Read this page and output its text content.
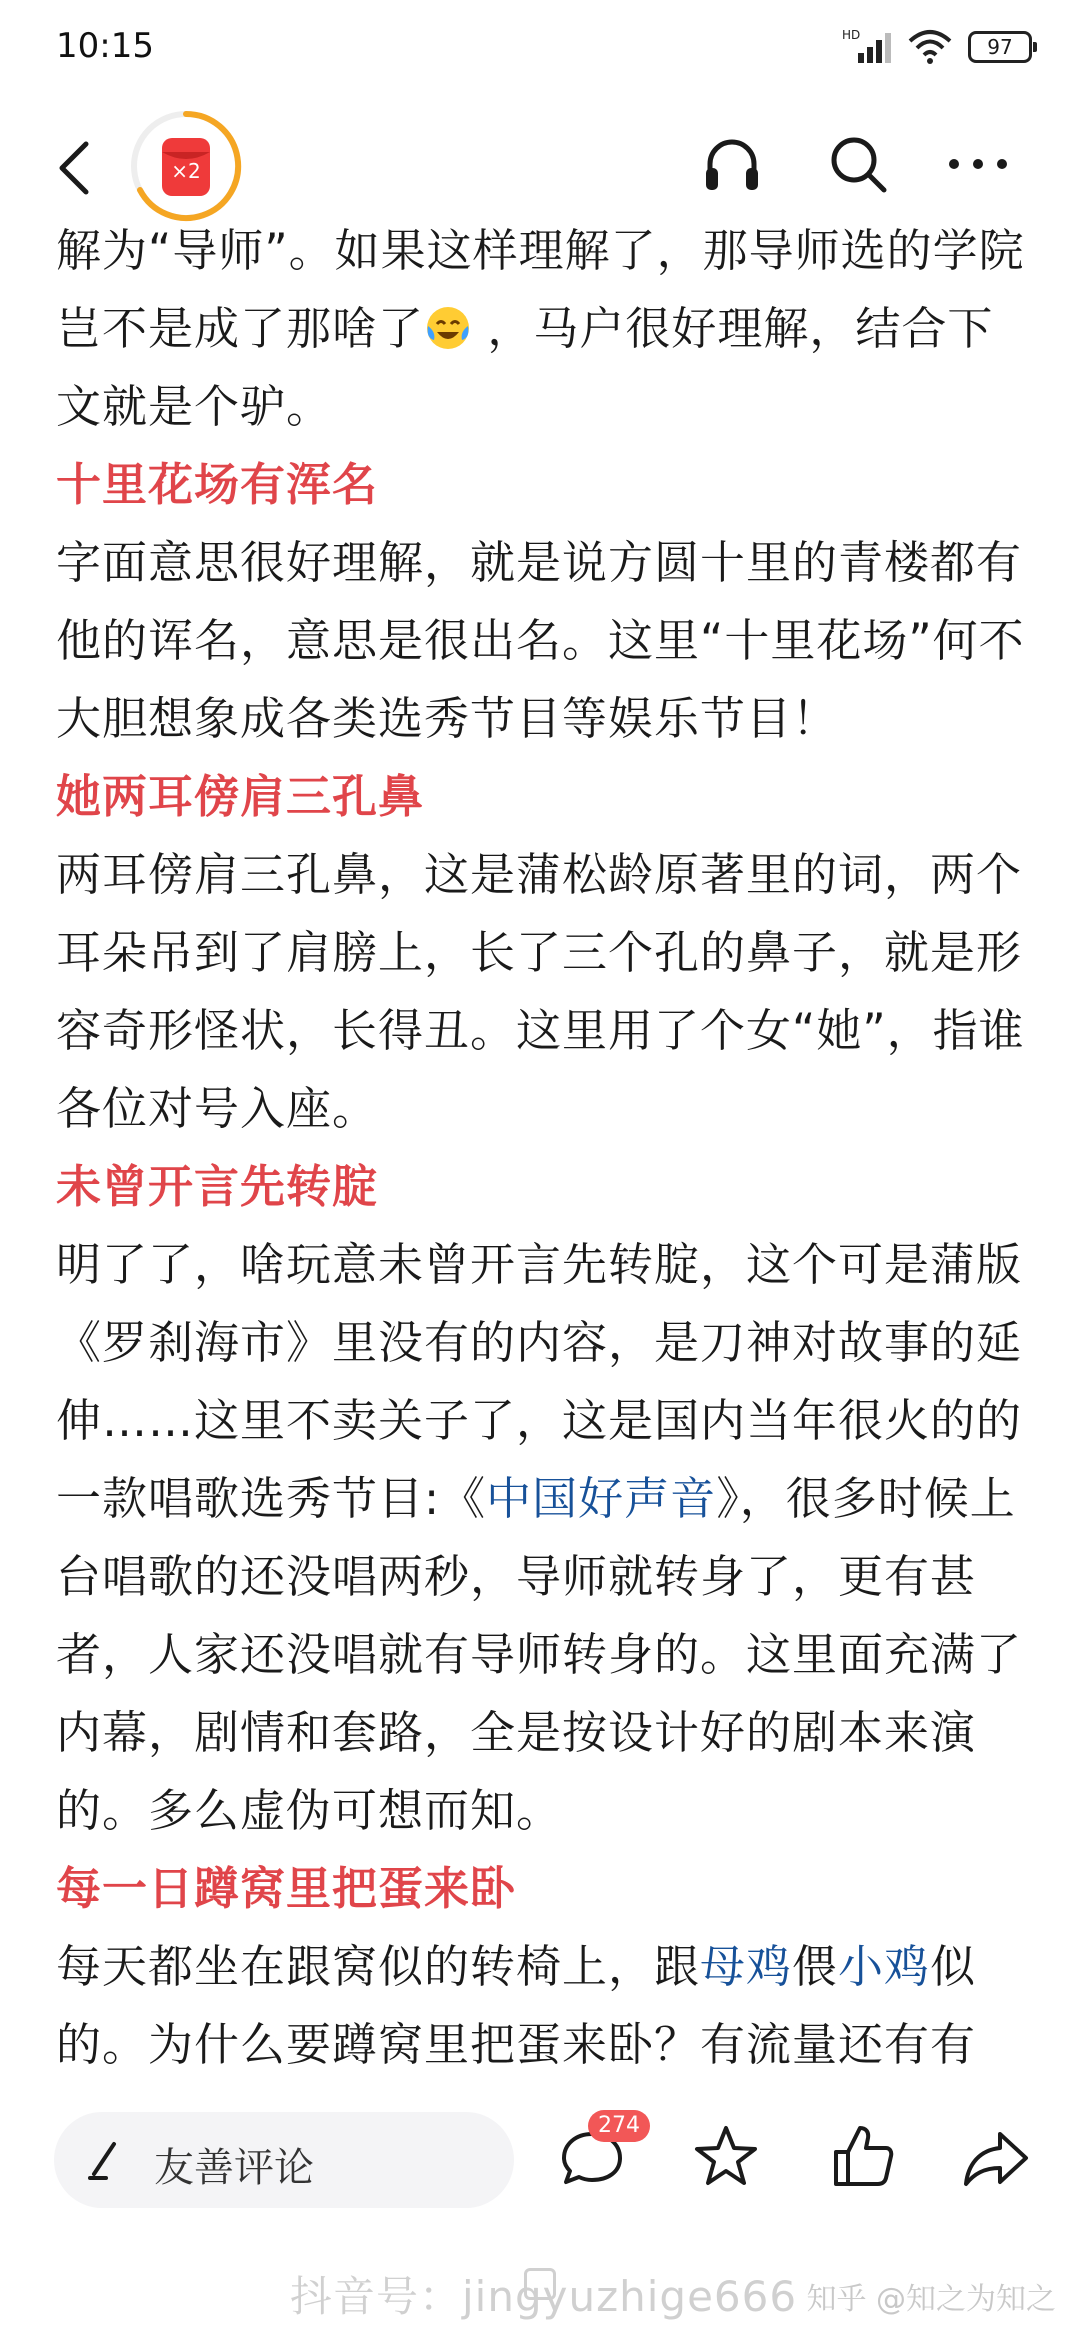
10:15	HD	97
×2
解为“导师”。如果这样理解了，那导师选的学院岂不是成了那啥了 ，马户很好理解，结合下文就是个驴。
十里花场有浑名
字面意思很好理解，就是说方圆十里的青楼都有他的诨名，意思是很出名。这里“十里花场”何不大胆想象成各类选秀节目等娱乐节目！
她两耳傍肩三孔鼻
两耳傍肩三孔鼻，这是蒲松龄原著里的词，两个耳朵吊到了肩膀上，长了三个孔的鼻子，就是形容奇形怪状，长得丑。这里用了个女“她”，指谁各位对号入座。
未曾开言先转腚
明了了，啥玩意未曾开言先转腚，这个可是蒲版《罗刹海市》里没有的内容，是刀神对故事的延伸……这里不卖关子了，这是国内当年很火的的一款唱歌选秀节目:《中国好声音》，很多时候上台唱歌的还没唱两秒，导师就转身了，更有甚者，人家还没唱就有导师转身的。这里面充满了内幕，剧情和套路，全是按设计好的剧本来演的。多么虚伪可想而知。
每一日蹲窝里把蛋来卧
每天都坐在跟窝似的转椅上，跟母鸡偎小鸡似的。为什么要蹲窝里把蛋来卧？有流量还有有
友善评论
274
抖音号：jingyuzhige666 知乎 @知之为知之
